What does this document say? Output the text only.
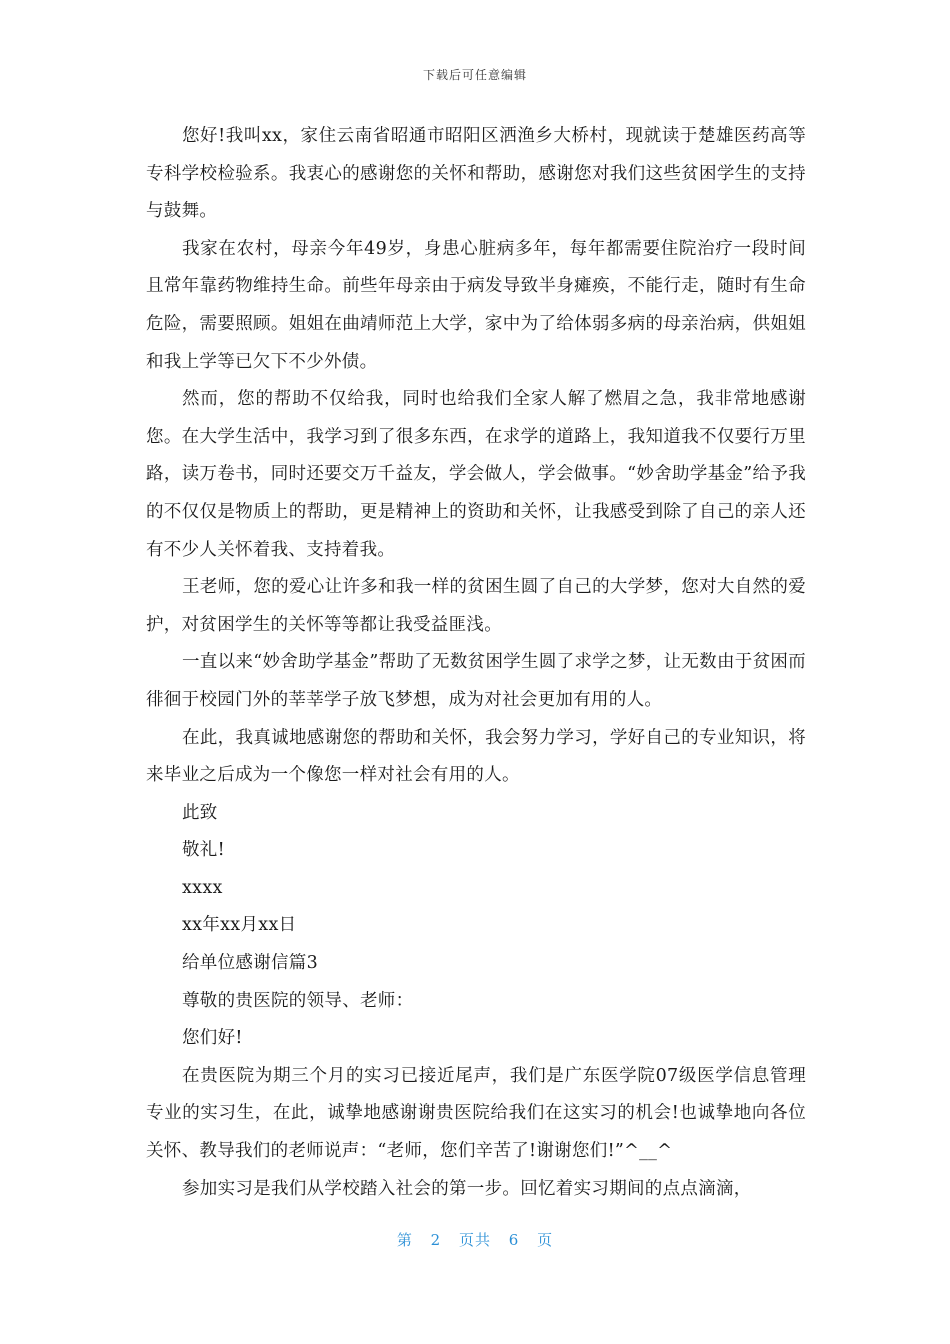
下载后可任意编辑

您好!我叫xx，家住云南省昭通市昭阳区洒渔乡大桥村，现就读于楚雄医药高等专科学校检验系。我衷心的感谢您的关怀和帮助，感谢您对我们这些贫困学生的支持与鼓舞。

我家在农村，母亲今年49岁，身患心脏病多年，每年都需要住院治疗一段时间且常年靠药物维持生命。前些年母亲由于病发导致半身瘫痪，不能行走，随时有生命危险，需要照顾。姐姐在曲靖师范上大学，家中为了给体弱多病的母亲治病，供姐姐和我上学等已欠下不少外债。

然而，您的帮助不仅给我，同时也给我们全家人解了燃眉之急，我非常地感谢您。在大学生活中，我学习到了很多东西，在求学的道路上，我知道我不仅要行万里路，读万卷书，同时还要交万千益友，学会做人，学会做事。“妙舍助学基金”给予我的不仅仅是物质上的帮助，更是精神上的资助和关怀，让我感受到除了自己的亲人还有不少人关怀着我、支持着我。

王老师，您的爱心让许多和我一样的贫困生圆了自己的大学梦，您对大自然的爱护，对贫困学生的关怀等等都让我受益匪浅。

一直以来“妙舍助学基金”帮助了无数贫困学生圆了求学之梦，让无数由于贫困而徘徊于校园门外的莘莘学子放飞梦想，成为对社会更加有用的人。

在此，我真诚地感谢您的帮助和关怀，我会努力学习，学好自己的专业知识，将来毕业之后成为一个像您一样对社会有用的人。

此致

敬礼!

xxxx

xx年xx月xx日

给单位感谢信篇3

尊敬的贵医院的领导、老师：

您们好!

在贵医院为期三个月的实习已接近尾声，我们是广东医学院07级医学信息管理专业的实习生，在此，诚挚地感谢谢贵医院给我们在这实习的机会!也诚挚地向各位关怀、教导我们的老师说声：“老师，您们辛苦了!谢谢您们!”^__^

参加实习是我们从学校踏入社会的第一步。回忆着实习期间的点点滴滴，

第 2 页共 6 页
